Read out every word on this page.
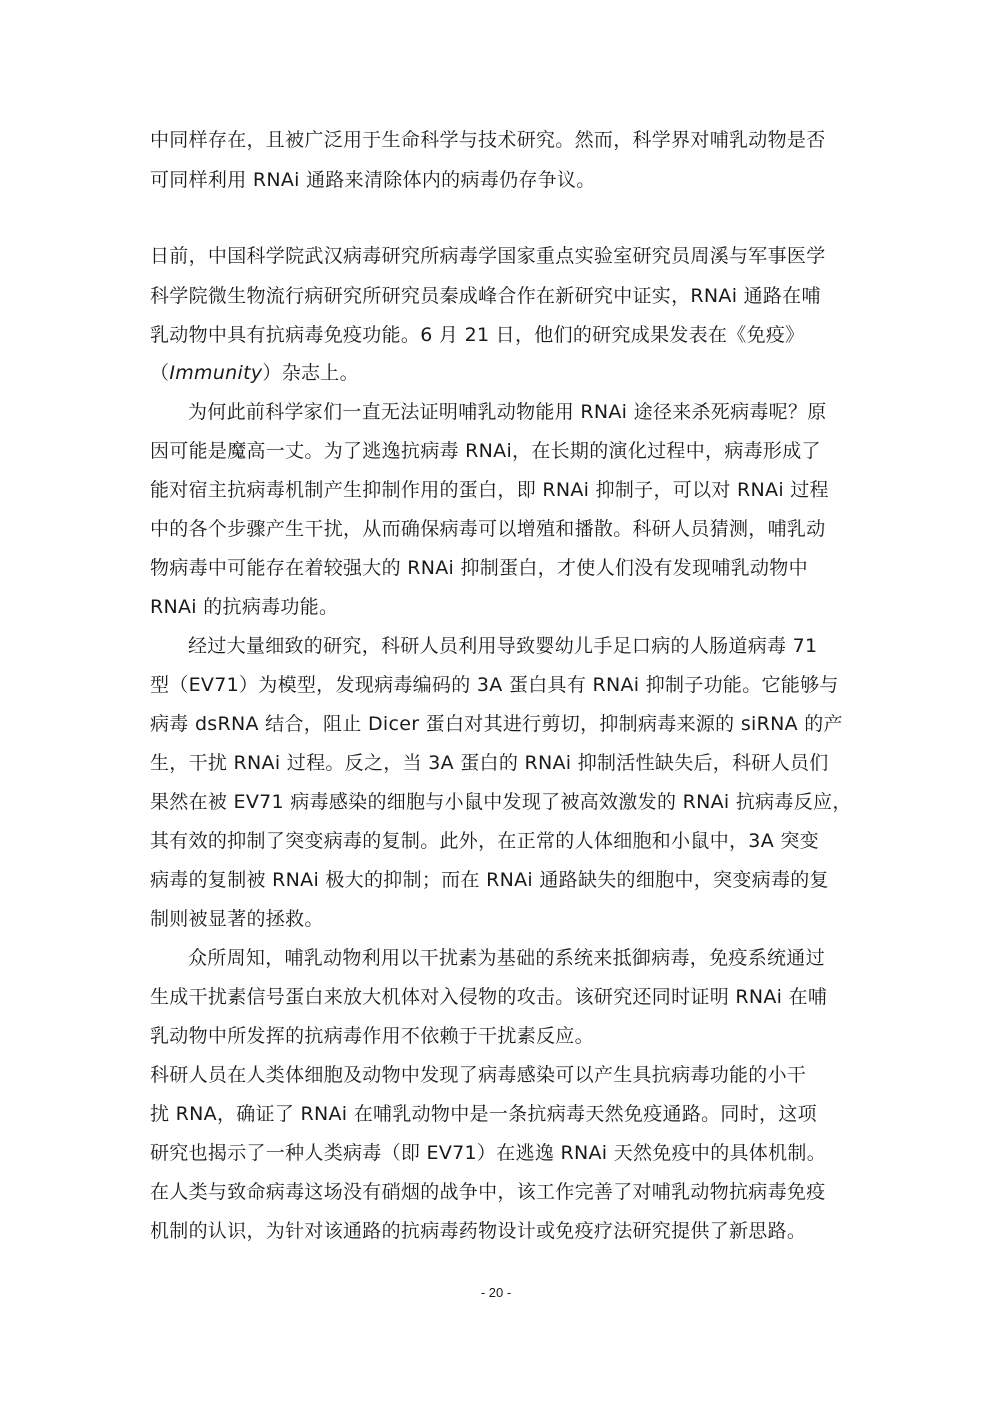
中同样存在，且被广泛用于生命科学与技术研究。然而，科学界对哺乳动物是否
可同样利用 RNAi 通路来清除体内的病毒仍存争议。
日前，中国科学院武汉病毒研究所病毒学国家重点实验室研究员周溪与军事医学
科学院微生物流行病研究所研究员秦成峰合作在新研究中证实，RNAi 通路在哺
乳动物中具有抗病毒免疫功能。6 月 21 日，他们的研究成果发表在《免疫》
（Immunity）杂志上。
为何此前科学家们一直无法证明哺乳动物能用 RNAi 途径来杀死病毒呢？原
因可能是魔高一丈。为了逃逸抗病毒 RNAi，在长期的演化过程中，病毒形成了
能对宿主抗病毒机制产生抑制作用的蛋白，即 RNAi 抑制子，可以对 RNAi 过程
中的各个步骤产生干扰，从而确保病毒可以增殖和播散。科研人员猜测，哺乳动
物病毒中可能存在着较强大的 RNAi 抑制蛋白，才使人们没有发现哺乳动物中
RNAi 的抗病毒功能。
经过大量细致的研究，科研人员利用导致婴幼儿手足口病的人肠道病毒 71
型（EV71）为模型，发现病毒编码的 3A 蛋白具有 RNAi 抑制子功能。它能够与
病毒 dsRNA 结合，阻止 Dicer 蛋白对其进行剪切，抑制病毒来源的 siRNA 的产
生，干扰 RNAi 过程。反之，当 3A 蛋白的 RNAi 抑制活性缺失后，科研人员们
果然在被 EV71 病毒感染的细胞与小鼠中发现了被高效激发的 RNAi 抗病毒反应，
其有效的抑制了突变病毒的复制。此外，在正常的人体细胞和小鼠中，3A 突变
病毒的复制被 RNAi 极大的抑制；而在 RNAi 通路缺失的细胞中，突变病毒的复
制则被显著的拯救。
众所周知，哺乳动物利用以干扰素为基础的系统来抵御病毒，免疫系统通过
生成干扰素信号蛋白来放大机体对入侵物的攻击。该研究还同时证明 RNAi 在哺
乳动物中所发挥的抗病毒作用不依赖于干扰素反应。
科研人员在人类体细胞及动物中发现了病毒感染可以产生具抗病毒功能的小干
扰 RNA，确证了 RNAi 在哺乳动物中是一条抗病毒天然免疫通路。同时，这项
研究也揭示了一种人类病毒（即 EV71）在逃逸 RNAi 天然免疫中的具体机制。
在人类与致命病毒这场没有硝烟的战争中，该工作完善了对哺乳动物抗病毒免疫
机制的认识，为针对该通路的抗病毒药物设计或免疫疗法研究提供了新思路。
- 20 -
